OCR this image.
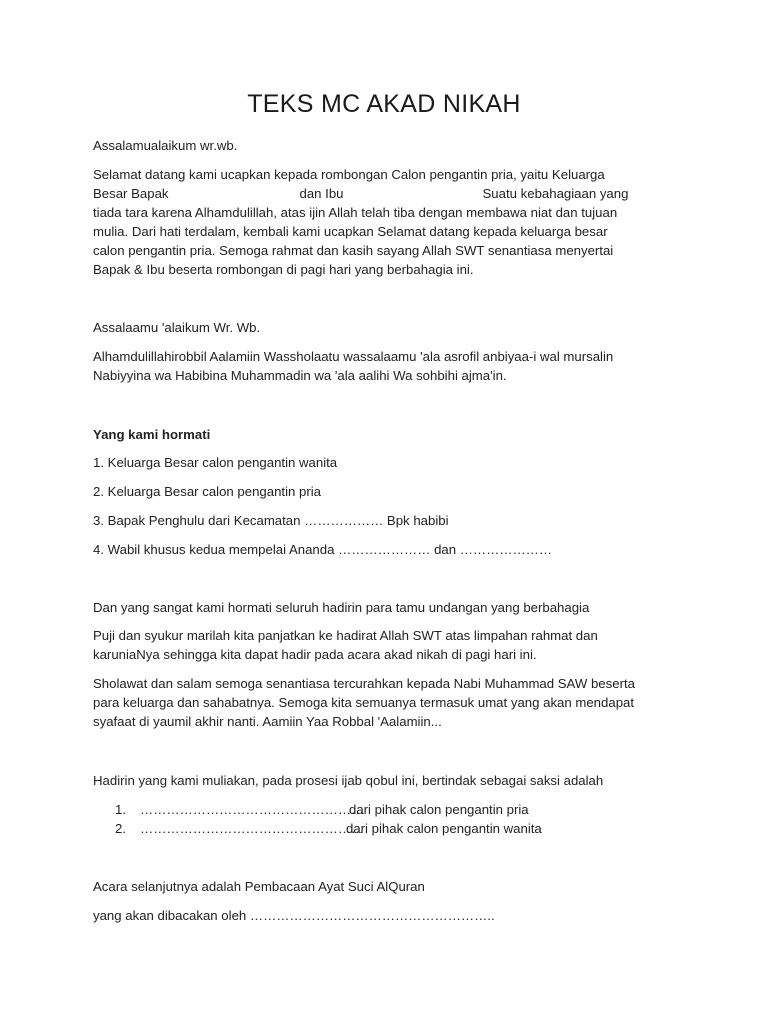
TEKS MC AKAD NIKAH
Assalamualaikum wr.wb.
Selamat datang kami ucapkan kepada rombongan Calon pengantin pria, yaitu Keluarga
Besar Bapak	dan Ibu	Suatu kebahagiaan yang
tiada tara karena Alhamdulillah, atas ijin Allah telah tiba dengan membawa niat dan tujuan
mulia. Dari hati terdalam, kembali kami ucapkan Selamat datang kepada keluarga besar
calon pengantin pria. Semoga rahmat dan kasih sayang Allah SWT senantiasa menyertai
Bapak & Ibu beserta rombongan di pagi hari yang berbahagia ini.
Assalaamu 'alaikum Wr. Wb.
Alhamdulillahirobbil Aalamiin Wassholaatu wassalaamu 'ala asrofil anbiyaa-i wal mursalin
Nabiyyina wa Habibina Muhammadin wa 'ala aalihi Wa sohbihi ajma'in.
Yang kami hormati
1. Keluarga Besar calon pengantin wanita
2. Keluarga Besar calon pengantin pria
3. Bapak Penghulu dari Kecamatan ……………… Bpk habibi
4. Wabil khusus kedua mempelai Ananda ………………… dan …………………
Dan yang sangat kami hormati seluruh hadirin para tamu undangan yang berbahagia
Puji dan syukur marilah kita panjatkan ke hadirat Allah SWT atas limpahan rahmat dan
karuniaNya sehingga kita dapat hadir pada acara akad nikah di pagi hari ini.
Sholawat dan salam semoga senantiasa tercurahkan kepada Nabi Muhammad SAW beserta
para keluarga dan sahabatnya. Semoga kita semuanya termasuk umat yang akan mendapat
syafaat di yaumil akhir nanti. Aamiin Yaa Robbal 'Aalamiin...
Hadirin yang kami muliakan, pada prosesi ijab qobul ini, bertindak sebagai saksi adalah
1. ……………………………………………
dari pihak calon pengantin pria
2. ……………………………………………
dari pihak calon pengantin wanita
Acara selanjutnya adalah Pembacaan Ayat Suci AlQuran
yang akan dibacakan oleh ………………………………………………..
